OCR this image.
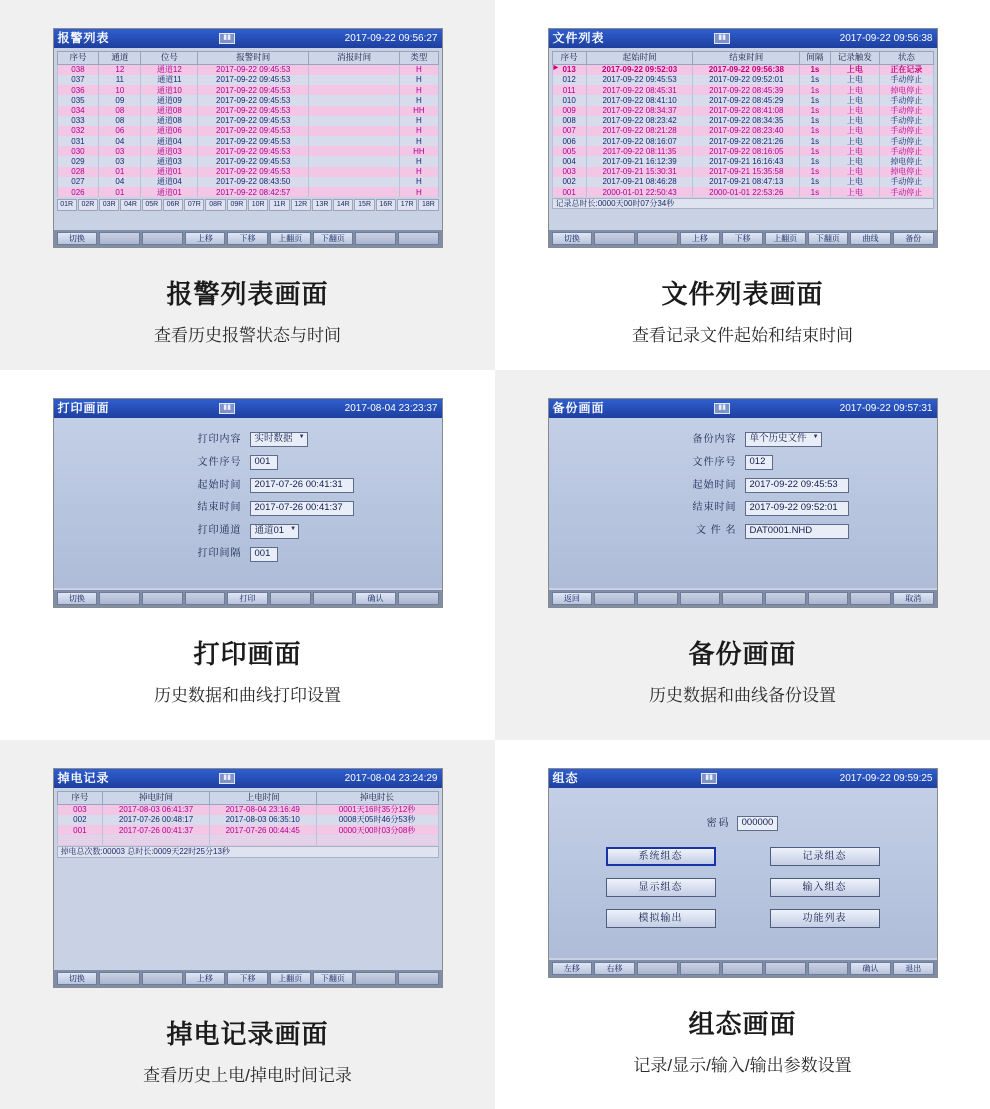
报警列表	▮▮	2017-09-22 09:56:27
序号	通道	位号	报警时间	消报时间	类型
038	12	通道12	2017-09-22 09:45:53		H
037	11	通道11	2017-09-22 09:45:53		H
036	10	通道10	2017-09-22 09:45:53		H
035	09	通道09	2017-09-22 09:45:53		H
034	08	通道08	2017-09-22 09:45:53		HH
033	08	通道08	2017-09-22 09:45:53		H
032	06	通道06	2017-09-22 09:45:53		H
031	04	通道04	2017-09-22 09:45:53		H
030	03	通道03	2017-09-22 09:45:53		HH
029	03	通道03	2017-09-22 09:45:53		H
028	01	通道01	2017-09-22 09:45:53		H
027	04	通道04	2017-09-22 08:43:50		H
026	01	通道01	2017-09-22 08:42:57		H
01R	02R	03R	04R	05R	06R	07R	08R	09R	10R	11R	12R	13R	14R	15R	16R	17R	18R
切换	上移	下移	上翻页	下翻页
报警列表画面
查看历史报警状态与时间
文件列表	▮▮	2017-09-22 09:56:38
序号	起始时间	结束时间	间隔	记录触发	状态
▶ 013	2017-09-22 09:52:03	2017-09-22 09:56:38	1s	上电	正在记录
012	2017-09-22 09:45:53	2017-09-22 09:52:01	1s	上电	手动停止
011	2017-09-22 08:45:31	2017-09-22 08:45:39	1s	上电	掉电停止
010	2017-09-22 08:41:10	2017-09-22 08:45:29	1s	上电	手动停止
009	2017-09-22 08:34:37	2017-09-22 08:41:08	1s	上电	手动停止
008	2017-09-22 08:23:42	2017-09-22 08:34:35	1s	上电	手动停止
007	2017-09-22 08:21:28	2017-09-22 08:23:40	1s	上电	手动停止
006	2017-09-22 08:16:07	2017-09-22 08:21:26	1s	上电	手动停止
005	2017-09-22 08:11:35	2017-09-22 08:16:05	1s	上电	手动停止
004	2017-09-21 16:12:39	2017-09-21 16:16:43	1s	上电	掉电停止
003	2017-09-21 15:30:31	2017-09-21 15:35:58	1s	上电	掉电停止
002	2017-09-21 08:46:28	2017-09-21 08:47:13	1s	上电	手动停止
001	2000-01-01 22:50:43	2000-01-01 22:53:26	1s	上电	手动停止
记录总时长:0000天00时07分34秒
切换	上移	下移	上翻页	下翻页	曲线	备份
文件列表画面
查看记录文件起始和结束时间
打印画面	▮▮	2017-08-04 23:23:37
打印内容	实时数据 ▼
文件序号	001
起始时间	2017-07-26 00:41:31
结束时间	2017-07-26 00:41:37
打印通道	通道01 ▼
打印间隔	001
切换	打印	确认
打印画面
历史数据和曲线打印设置
备份画面	▮▮	2017-09-22 09:57:31
备份内容	单个历史文件 ▼
文件序号	012
起始时间	2017-09-22 09:45:53
结束时间	2017-09-22 09:52:01
文 件 名	DAT0001.NHD
返回	取消
备份画面
历史数据和曲线备份设置
掉电记录	▮▮	2017-08-04 23:24:29
序号	掉电时间	上电时间	掉电时长
003	2017-08-03 06:41:37	2017-08-04 23:16:49	0001天16时35分12秒
002	2017-07-26 00:48:17	2017-08-03 06:35:10	0008天05时46分53秒
001	2017-07-26 00:41:37	2017-07-26 00:44:45	0000天00时03分08秒

掉电总次数:00003 总时长:0009天22时25分13秒
切换	上移	下移	上翻页	下翻页
掉电记录画面
查看历史上电/掉电时间记录
组态	▮▮	2017-09-22 09:59:25
密码	000000
系统组态	记录组态
显示组态	输入组态
模拟输出	功能列表
左移	右移	确认	退出
组态画面
记录/显示/输入/输出参数设置
